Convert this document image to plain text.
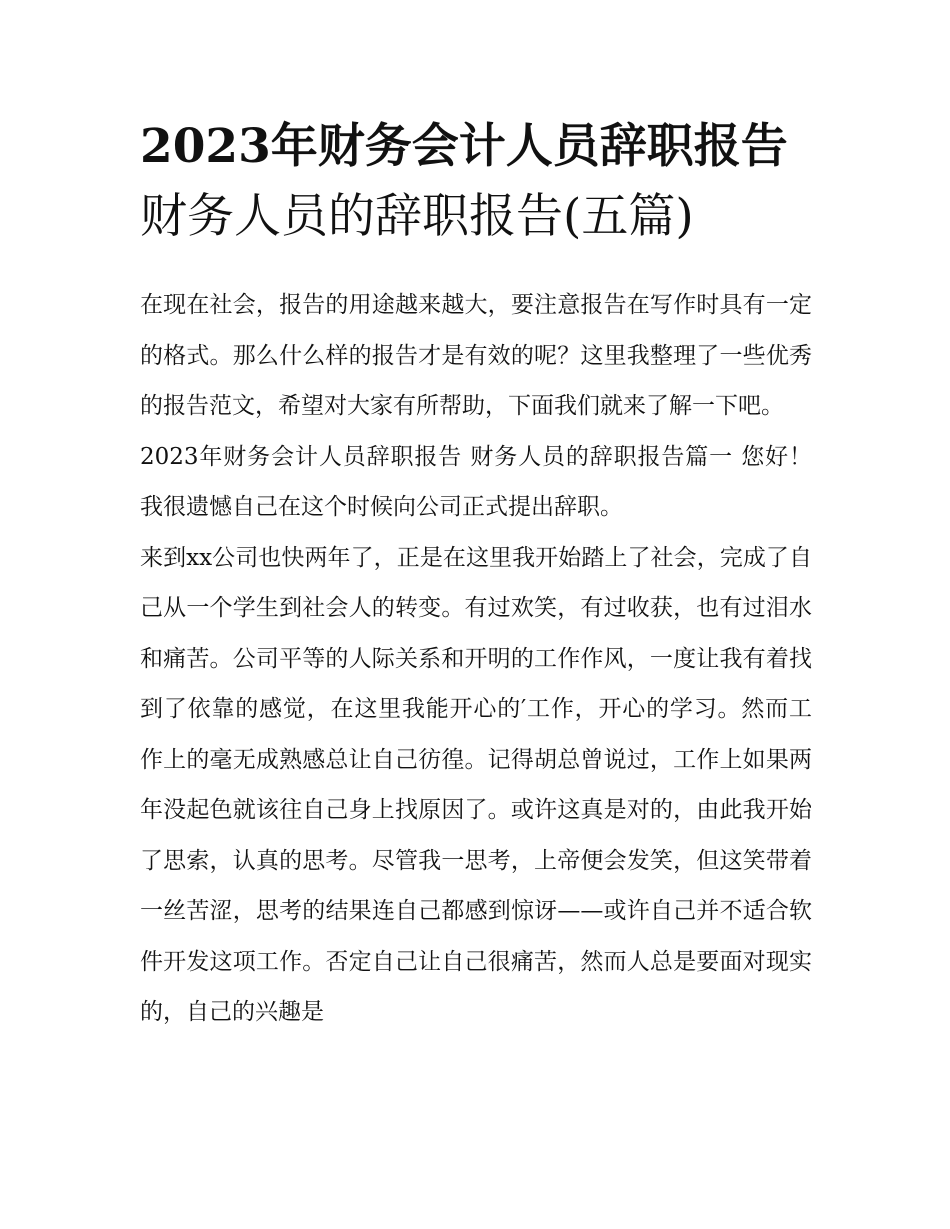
2023年财务会计人员辞职报告
财务人员的辞职报告(五篇)

在现在社会，报告的用途越来越大，要注意报告在写作时具有一定的格式。那么什么样的报告才是有效的呢？这里我整理了一些优秀的报告范文，希望对大家有所帮助，下面我们就来了解一下吧。

2023年财务会计人员辞职报告 财务人员的辞职报告篇一 您好！ 我很遗憾自己在这个时候向公司正式提出辞职。

来到xx公司也快两年了，正是在这里我开始踏上了社会，完成了自己从一个学生到社会人的转变。有过欢笑，有过收获，也有过泪水和痛苦。公司平等的人际关系和开明的工作作风，一度让我有着找到了依靠的感觉，在这里我能开心的′工作，开心的学习。然而工作上的毫无成熟感总让自己彷徨。记得胡总曾说过，工作上如果两年没起色就该往自己身上找原因了。或许这真是对的，由此我开始了思索，认真的思考。尽管我一思考，上帝便会发笑，但这笑带着一丝苦涩，思考的结果连自己都感到惊讶——或许自己并不适合软件开发这项工作。否定自己让自己很痛苦，然而人总是要面对现实的，自己的兴趣是
